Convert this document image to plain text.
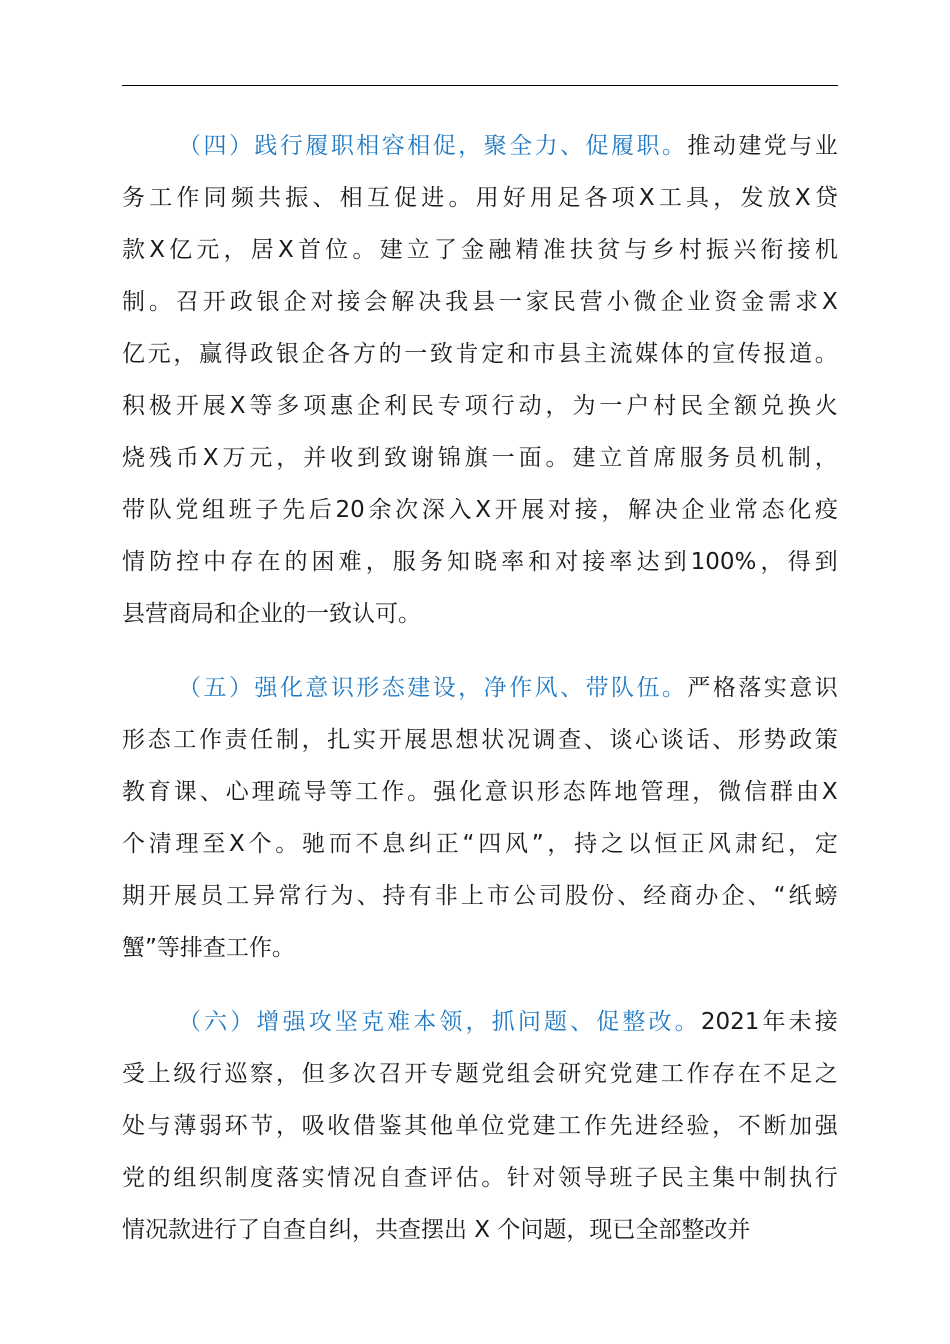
（ 四 ） 践 行 履 职 相 容 相 促 ， 聚 全 力 、 促 履 职 。 推 动 建 党 与 业
务 工 作 同 频 共 振 、 相 互 促 进 。 用 好 用 足 各 项 X 工 具 ， 发 放 X 贷
款 X 亿 元 ， 居 X 首 位 。 建 立 了 金 融 精 准 扶 贫 与 乡 村 振 兴 衔 接 机
制 。 召 开 政 银 企 对 接 会 解 决 我 县 一 家 民 营 小 微 企 业 资 金 需 求 X
亿 元 ， 赢 得 政 银 企 各 方 的 一 致 肯 定 和 市 县 主 流 媒 体 的 宣 传 报 道 。
积 极 开 展 X 等 多 项 惠 企 利 民 专 项 行 动 ， 为 一 户 村 民 全 额 兑 换 火
烧 残 币 X 万 元 ， 并 收 到 致 谢 锦 旗 一 面 。 建 立 首 席 服 务 员 机 制 ，
带 队 党 组 班 子 先 后 20 余 次 深 入 X 开 展 对 接 ， 解 决 企 业 常 态 化 疫
情 防 控 中 存 在 的 困 难 ， 服 务 知 晓 率 和 对 接 率 达 到 100% ， 得 到
县营商局和企业的一致认可。
（ 五 ） 强 化 意 识 形 态 建 设 ， 净 作 风 、 带 队 伍 。 严 格 落 实 意 识
形 态 工 作 责 任 制 ， 扎 实 开 展 思 想 状 况 调 查 、 谈 心 谈 话 、 形 势 政 策
教 育 课 、 心 理 疏 导 等 工 作 。 强 化 意 识 形 态 阵 地 管 理 ， 微 信 群 由 X
个 清 理 至 X 个 。 驰 而 不 息 纠 正 “ 四 风 ” ， 持 之 以 恒 正 风 肃 纪 ， 定
期 开 展 员 工 异 常 行 为 、 持 有 非 上 市 公 司 股 份 、 经 商 办 企 、 “ 纸 螃
蟹”等排查工作。
（ 六 ） 增 强 攻 坚 克 难 本 领 ， 抓 问 题 、 促 整 改 。 2021 年 未 接
受 上 级 行 巡 察 ， 但 多 次 召 开 专 题 党 组 会 研 究 党 建 工 作 存 在 不 足 之
处 与 薄 弱 环 节 ， 吸 收 借 鉴 其 他 单 位 党 建 工 作 先 进 经 验 ， 不 断 加 强
党 的 组 织 制 度 落 实 情 况 自 查 评 估 。 针 对 领 导 班 子 民 主 集 中 制 执 行
情况款进行了自查自纠，共查摆出 X 个问题，现已全部整改并
